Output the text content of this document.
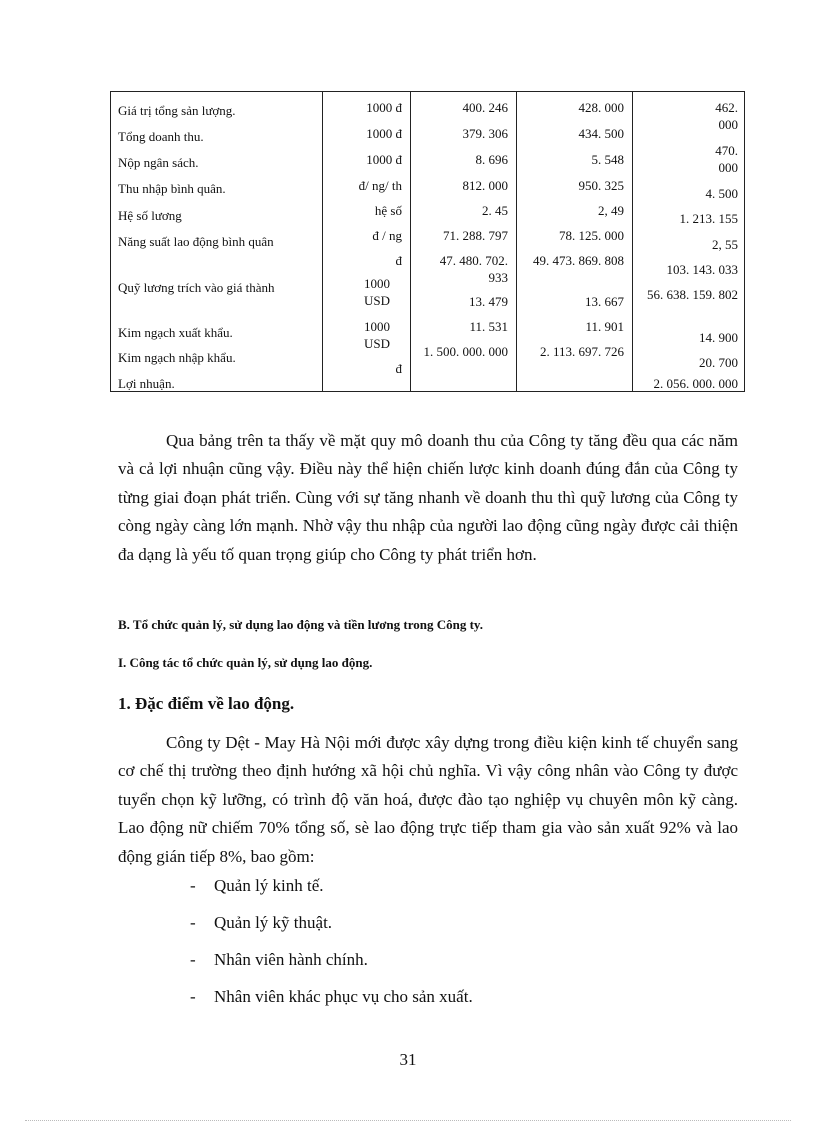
Giá trị tổng sản lượng.
Tổng doanh thu.
Nộp ngân sách.
Thu nhập bình quân.
Hệ số lương
Năng suất lao động bình quân
Quỹ lương trích vào giá thành
Kim ngạch xuất khẩu.
Kim ngạch nhập khẩu.
Lợi nhuận.
1000 đ
1000 đ
1000 đ
đ/ ng/ th
hệ số
đ / ng
đ
1000 USD
1000 USD
đ
400. 246
379. 306
8. 696
812. 000
2. 45
71. 288. 797
47. 480. 702. 933
13. 479
11. 531
1. 500. 000. 000
428. 000
434. 500
5. 548
950. 325
2, 49
78. 125. 000
49. 473. 869. 808
13. 667
11. 901
2. 113. 697. 726
462. 000
470. 000
4. 500
1. 213. 155
2, 55
103. 143. 033
56. 638. 159. 802
14. 900
20. 700
2. 056. 000. 000

Qua bảng trên ta thấy về mặt quy mô doanh thu của Công ty tăng đều qua các năm và cả lợi nhuận cũng vậy. Điều này thể hiện chiến lược kinh doanh đúng đắn của Công ty từng giai đoạn phát triển. Cùng với sự tăng nhanh về doanh thu thì quỹ lương của Công ty còng ngày càng lớn mạnh. Nhờ vậy thu nhập của người lao động cũng ngày được cải thiện đa dạng là yếu tố quan trọng giúp cho Công ty phát triển hơn.

B. Tổ chức quản lý, sử dụng lao động và tiền lương trong Công ty.

I. Công tác tổ chức quản lý, sử dụng lao động.

1. Đặc điểm về lao động.

Công ty Dệt - May Hà Nội mới được xây dựng trong điều kiện kinh tế chuyển sang cơ chế thị trường theo định hướng xã hội chủ nghĩa. Vì vậy công nhân vào Công ty được tuyển chọn kỹ lưỡng, có trình độ văn hoá, được đào tạo nghiệp vụ chuyên môn kỹ càng. Lao động nữ chiếm 70% tổng số, sè lao động trực tiếp tham gia vào sản xuất 92% và lao động gián tiếp 8%, bao gồm:

- Quản lý kinh tế.

- Quản lý kỹ thuật.

- Nhân viên hành chính.

- Nhân viên khác phục vụ cho sản xuất.

31
